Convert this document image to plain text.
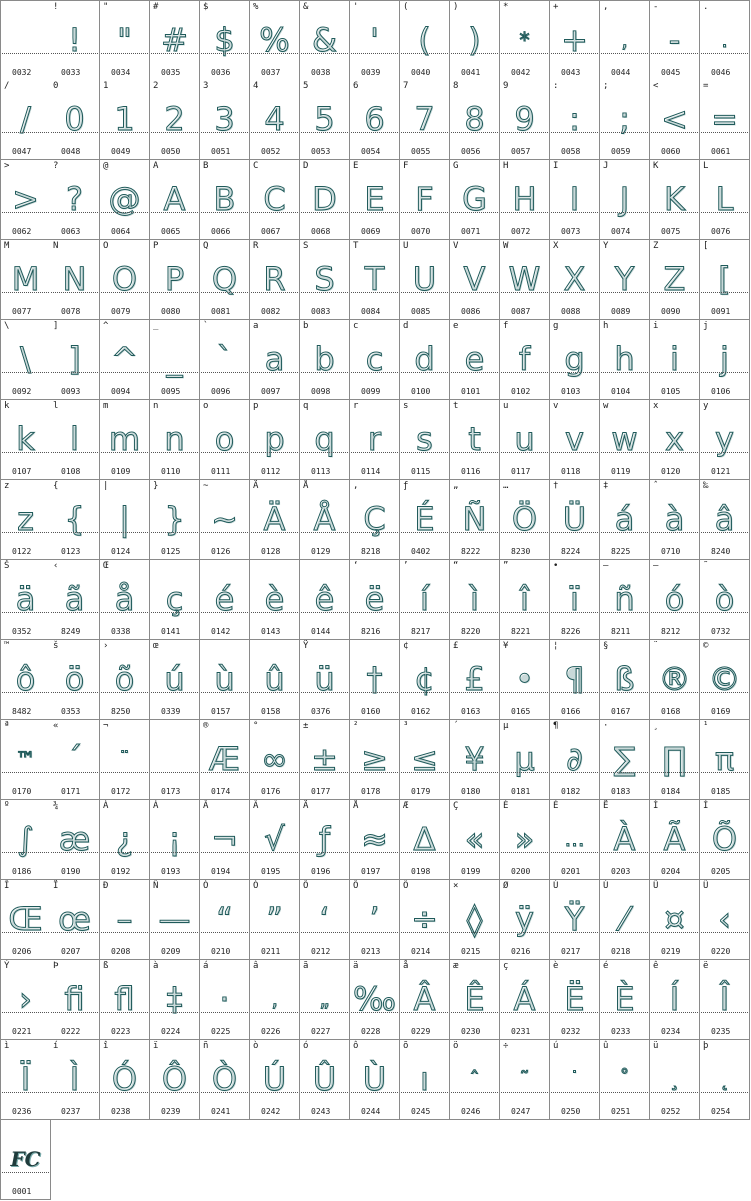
0032
!
!
0033
"
"
0034
#
#
0035
$
$
0036
%
%
0037
&
&
0038
'
'
0039
(
(
0040
)
)
0041
*
*
0042
+
+
0043
,
,
0044
-
-
0045
.
.
0046
/
/
0047
0
0
0048
1
1
0049
2
2
0050
3
3
0051
4
4
0052
5
5
0053
6
6
0054
7
7
0055
8
8
0056
9
9
0057
:
:
0058
;
;
0059
<
<
0060
=
=
0061
>
>
0062
?
?
0063
@
@
0064
A
A
0065
B
B
0066
C
C
0067
D
D
0068
E
E
0069
F
F
0070
G
G
0071
H
H
0072
I
I
0073
J
J
0074
K
K
0075
L
L
0076
M
M
0077
N
N
0078
O
O
0079
P
P
0080
Q
Q
0081
R
R
0082
S
S
0083
T
T
0084
U
U
0085
V
V
0086
W
W
0087
X
X
0088
Y
Y
0089
Z
Z
0090
[
[
0091
\
\
0092
]
]
0093
^
^
0094
_
_
0095
`
`
0096
a
a
0097
b
b
0098
c
c
0099
d
d
0100
e
e
0101
f
f
0102
g
g
0103
h
h
0104
i
i
0105
j
j
0106
k
k
0107
l
l
0108
m
m
0109
n
n
0110
o
o
0111
p
p
0112
q
q
0113
r
r
0114
s
s
0115
t
t
0116
u
u
0117
v
v
0118
w
w
0119
x
x
0120
y
y
0121
z
z
0122
{
{
0123
|
|
0124
}
}
0125
~
~
0126
Ä
Ä
0128
Å
Å
0129
‚
Ç
8218
ƒ
É
0402
„
Ñ
8222
…
Ö
8230
†
Ü
8224
‡
á
8225
ˆ
à
0710
‰
â
8240
Š
ä
0352
‹
ã
8249
Œ
å
0338
ç
0141
é
0142
è
0143
ê
0144
‘
ë
8216
’
í
8217
“
ì
8220
”
î
8221
•
ï
8226
–
ñ
8211
—
ó
8212
˜
ò
0732
™
ô
8482
š
ö
0353
›
õ
8250
œ
ú
0339
ù
0157
û
0158
Ÿ
ü
0376
†
0160
¢
¢
0162
£
£
0163
¥
•
0165
¦
¶
0166
§
ß
0167
¨
®
0168
©
©
0169
ª
™
0170
«
´
0171
¬
¨
0172	0173
®
Æ
0174
°
∞
0176
±
±
0177
²
≥
0178
³
≤
0179
´
¥
0180
µ
µ
0181
¶
∂
0182
·
∑
0183
¸
∏
0184
¹
π
0185
º
∫
0186
¾
æ
0190
À
¿
0192
Á
¡
0193
Â
¬
0194
Ã
√
0195
Ä
ƒ
0196
Å
≈
0197
Æ
∆
0198
Ç
«
0199
È
»
0200
É
…
0201
Ë
À
0203
Ì
Ã
0204
Í
Õ
0205
Î
Œ
0206
Ï
œ
0207
Ð
–
0208
Ñ
—
0209
Ò
“
0210
Ó
”
0211
Ô
‘
0212
Õ
’
0213
Ö
÷
0214
×
◊
0215
Ø
ÿ
0216
Ù
Ÿ
0217
Ú
⁄
0218
Û
¤
0219
Ü
‹
0220
Ý
›
0221
Þ
ﬁ
0222
ß
ﬂ
0223
à
‡
0224
á
·
0225
â
‚
0226
ã
„
0227
ä
‰
0228
å
Â
0229
æ
Ê
0230
ç
Á
0231
è
Ë
0232
é
È
0233
ê
Í
0234
ë
Î
0235
ì
Ï
0236
í
Ì
0237
î
Ó
0238
ï
Ô
0239
ñ
Ò
0241
ò
Ú
0242
ó
Û
0243
ô
Ù
0244
õ
ı
0245
ö
ˆ
0246
÷
˜
0247
ú
˙
0250
û
˚
0251
ü
¸
0252
þ
˛
0254
FC
0001
